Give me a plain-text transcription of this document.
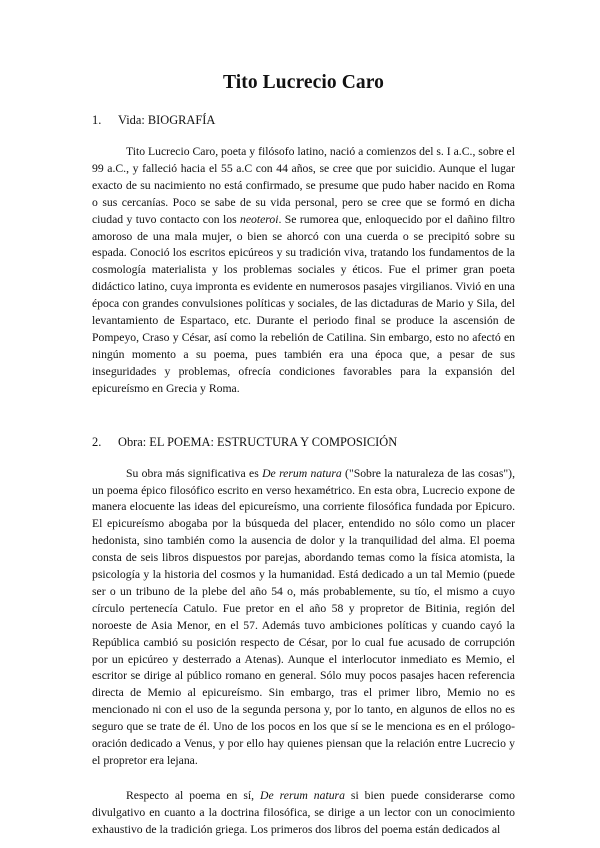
Tito Lucrecio Caro
1. Vida: BIOGRAFÍA

Tito Lucrecio Caro, poeta y filósofo latino, nació a comienzos del s. I a.C., sobre el 99 a.C., y falleció hacia el 55 a.C con 44 años, se cree que por suicidio. Aunque el lugar exacto de su nacimiento no está confirmado, se presume que pudo haber nacido en Roma o sus cercanías. Poco se sabe de su vida personal, pero se cree que se formó en dicha ciudad y tuvo contacto con los neoteroi. Se rumorea que, enloquecido por el dañino filtro amoroso de una mala mujer, o bien se ahorcó con una cuerda o se precipitó sobre su espada. Conoció los escritos epicúreos y su tradición viva, tratando los fundamentos de la cosmología materialista y los problemas sociales y éticos. Fue el primer gran poeta didáctico latino, cuya impronta es evidente en numerosos pasajes virgilianos. Vivió en una época con grandes convulsiones políticas y sociales, de las dictaduras de Mario y Sila, del levantamiento de Espartaco, etc. Durante el periodo final se produce la ascensión de Pompeyo, Craso y César, así como la rebelión de Catilina. Sin embargo, esto no afectó en ningún momento a su poema, pues también era una época que, a pesar de sus inseguridades y problemas, ofrecía condiciones favorables para la expansión del epicureísmo en Grecia y Roma.

2. Obra: EL POEMA: ESTRUCTURA Y COMPOSICIÓN

Su obra más significativa es De rerum natura ("Sobre la naturaleza de las cosas"), un poema épico filosófico escrito en verso hexamétrico. En esta obra, Lucrecio expone de manera elocuente las ideas del epicureísmo, una corriente filosófica fundada por Epicuro. El epicureísmo abogaba por la búsqueda del placer, entendido no sólo como un placer hedonista, sino también como la ausencia de dolor y la tranquilidad del alma. El poema consta de seis libros dispuestos por parejas, abordando temas como la física atomista, la psicología y la historia del cosmos y la humanidad. Está dedicado a un tal Memio (puede ser o un tribuno de la plebe del año 54 o, más probablemente, su tío, el mismo a cuyo círculo pertenecía Catulo. Fue pretor en el año 58 y propretor de Bitinia, región del noroeste de Asia Menor, en el 57. Además tuvo ambiciones políticas y cuando cayó la República cambió su posición respecto de César, por lo cual fue acusado de corrupción por un epicúreo y desterrado a Atenas). Aunque el interlocutor inmediato es Memio, el escritor se dirige al público romano en general. Sólo muy pocos pasajes hacen referencia directa de Memio al epicureísmo. Sin embargo, tras el primer libro, Memio no es mencionado ni con el uso de la segunda persona y, por lo tanto, en algunos de ellos no es seguro que se trate de él. Uno de los pocos en los que sí se le menciona es en el prólogo-oración dedicado a Venus, y por ello hay quienes piensan que la relación entre Lucrecio y el propretor era lejana.

Respecto al poema en sí, De rerum natura si bien puede considerarse como divulgativo en cuanto a la doctrina filosófica, se dirige a un lector con un conocimiento exhaustivo de la tradición griega. Los primeros dos libros del poema están dedicados al
